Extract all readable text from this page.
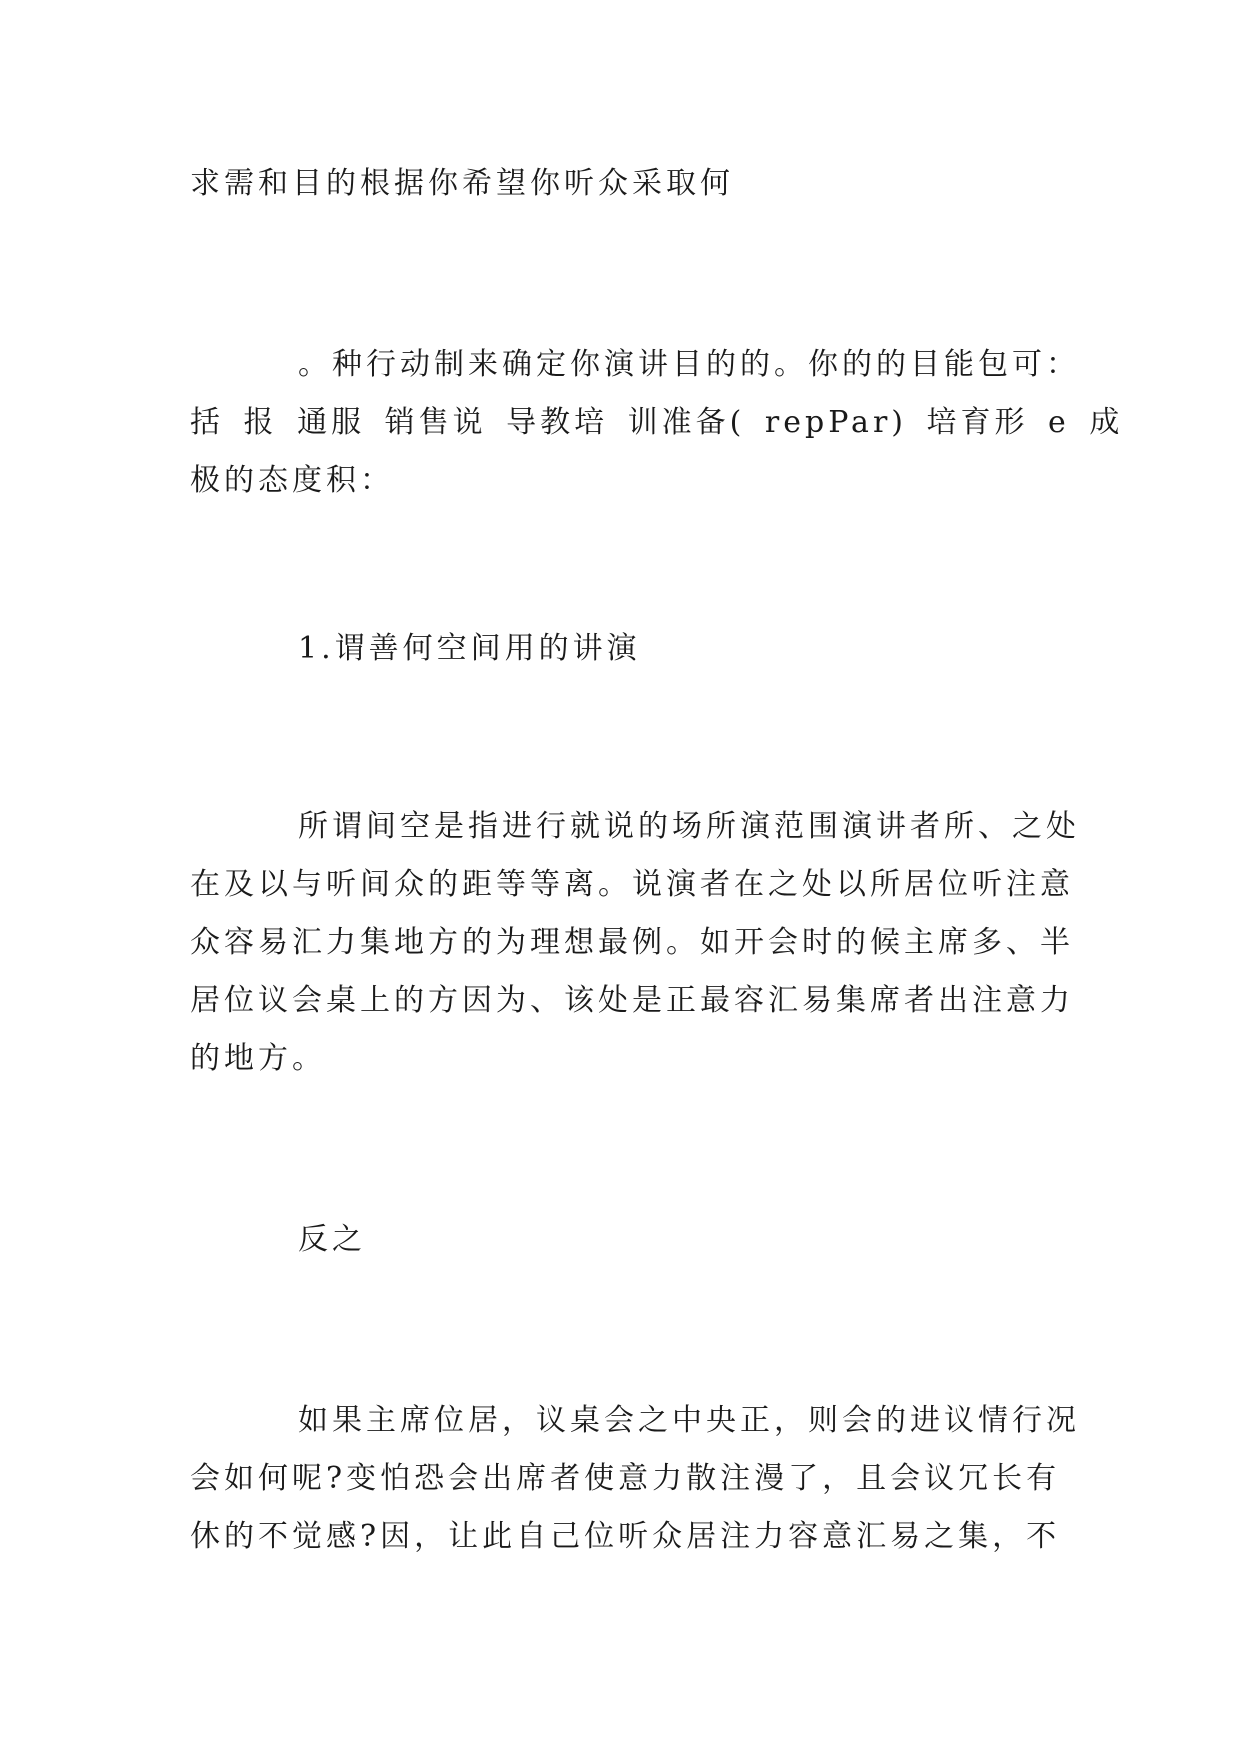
求需和目的根据你希望你听众采取何

。种行动制来确定你演讲目的的。你的的目能包可：
括 报 通服 销售说 导教培 训准备( repPar) 培育形 e 成
极的态度积：

1.谓善何空间用的讲演

所谓间空是指进行就说的场所演范围演讲者所、之处
在及以与听间众的距等等离。说演者在之处以所居位听注意
众容易汇力集地方的为理想最例。如开会时的候主席多、半
居位议会桌上的方因为、该处是正最容汇易集席者出注意力
的地方。

反之

如果主席位居，议桌会之中央正，则会的进议情行况
会如何呢?变怕恐会出席者使意力散注漫了，且会议冗长有
休的不觉感?因，让此自己位听众居注力容意汇易之集，不
